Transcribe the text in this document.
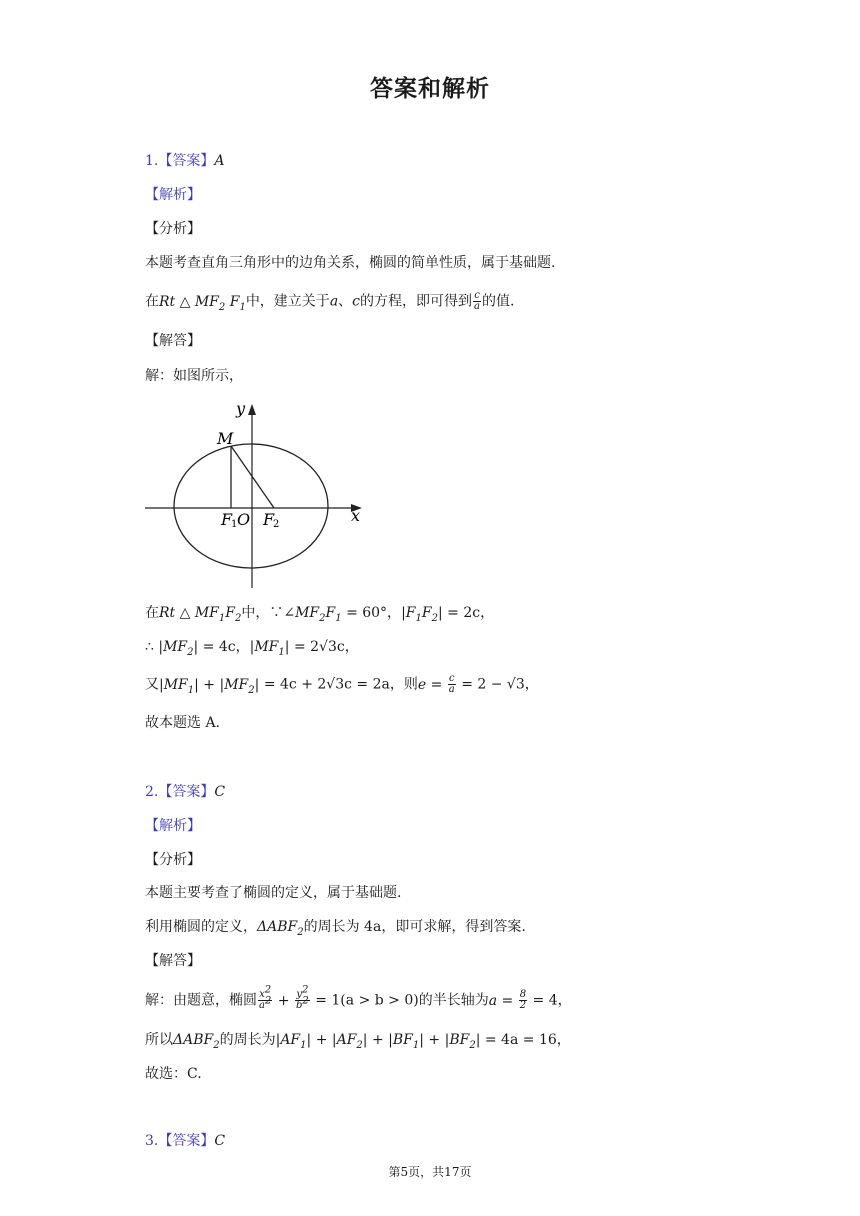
答案和解析
1.【答案】A
【解析】
【分析】
本题考查直角三角形中的边角关系，椭圆的简单性质，属于基础题.
在Rt △ $MF_2$ $F_1$中，建立关于a、c的方程，即可得到 $\frac{c}{a}$ 的值.
【解答】
解：如图所示，
y
x
M
F
1 O F
2
在Rt △ $MF_1F_2$中，$\because\angle MF_2F_1 = 60^\circ$，$|F_1F_2| = 2c$，
∴ $|MF_2| = 4c$，$|MF_1| = 2√3c$，
又$|MF_1| + |MF_2| = 4c + 2√3c = 2a$，则$e = \frac{c}{a} = 2 - √3$，
故本题选 A.
2.【答案】C
【解析】
【分析】
本题主要考查了椭圆的定义，属于基础题.
利用椭圆的定义，$\Delta ABF_2$的周长为 4a，即可求解，得到答案.
【解答】
解：由题意，椭圆 $\frac{x^2}{a^2} + \frac{y^2}{b^2} = 1(a > b > 0)$的半长轴为$a = \frac{8}{2} = 4$，
所以$\Delta ABF_2$的周长为$|AF_1| + |AF_2| + |BF_1| + |BF_2| = 4a = 16$，
故选：C.
3.【答案】C
第5页，共17页
